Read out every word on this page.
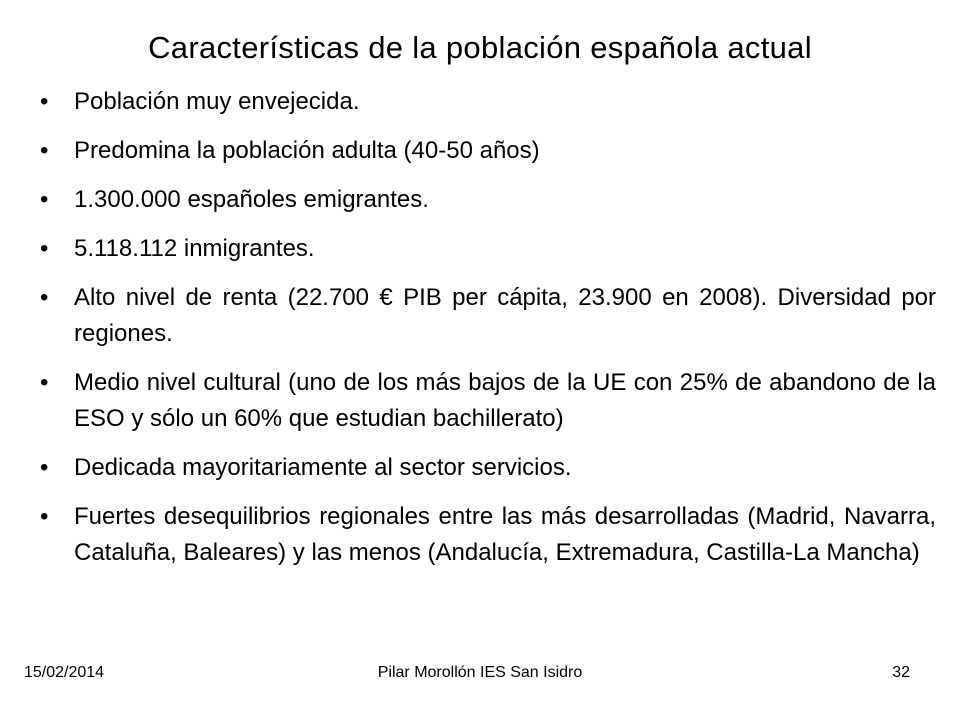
Características de la población española actual
•	Población muy envejecida.
•	Predomina la población adulta (40-50 años)
•	1.300.000 españoles emigrantes.
•	5.118.112 inmigrantes.
•	Alto nivel de renta (22.700 € PIB per cápita, 23.900 en 2008). Diversidad por regiones.
•	Medio nivel cultural (uno de los más bajos de la UE con 25% de abandono de la ESO y sólo un 60% que estudian bachillerato)
•	Dedicada mayoritariamente al sector servicios.
•	Fuertes desequilibrios regionales entre las más desarrolladas (Madrid, Navarra, Cataluña, Baleares) y las menos (Andalucía, Extremadura, Castilla-La Mancha)
15/02/2014	Pilar Morollón IES San Isidro	32
